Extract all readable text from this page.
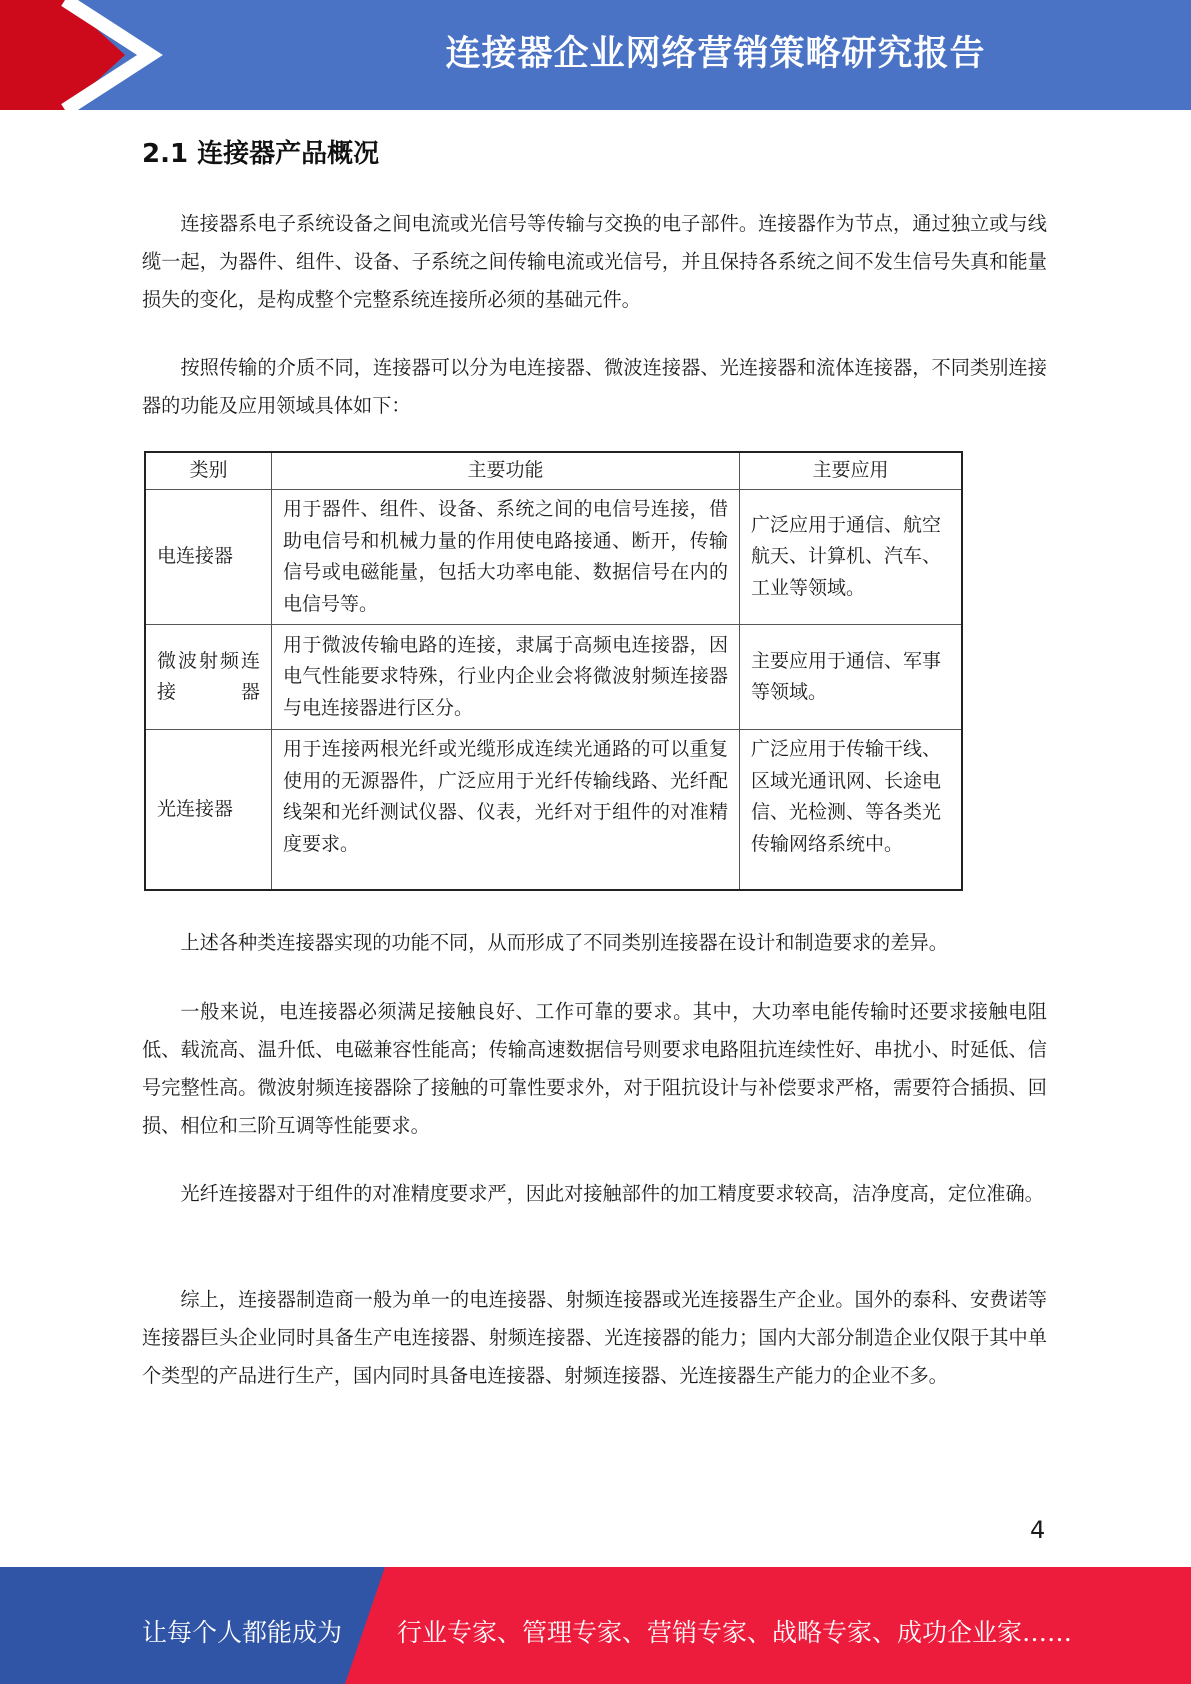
连接器企业网络营销策略研究报告
2.1 连接器产品概况

连接器系电子系统设备之间电流或光信号等传输与交换的电子部件。连接器作为节点，通过独立或与线缆一起，为器件、组件、设备、子系统之间传输电流或光信号，并且保持各系统之间不发生信号失真和能量损失的变化，是构成整个完整系统连接所必须的基础元件。

按照传输的介质不同，连接器可以分为电连接器、微波连接器、光连接器和流体连接器，不同类别连接器的功能及应用领域具体如下：

类别	主要功能	主要应用
电连接器	用于器件、组件、设备、系统之间的电信号连接，借助电信号和机械力量的作用使电路接通、断开，传输信号或电磁能量，包括大功率电能、数据信号在内的电信号等。	广泛应用于通信、航空 航天、计算机、汽车、 工业等领域。
微波射频连接器	用于微波传输电路的连接，隶属于高频电连接器，因电气性能要求特殊，行业内企业会将微波射频连接器与电连接器进行区分。	主要应用于通信、军事 等领域。
光连接器	用于连接两根光纤或光缆形成连续光通路的可以重复使用的无源器件，广泛应用于光纤传输线路、光纤配线架和光纤测试仪器、仪表，光纤对于组件的对准精度要求。	广泛应用于传输干线、区域光通讯网、长途电 信、光检测、等各类光 传输网络系统中。

上述各种类连接器实现的功能不同，从而形成了不同类别连接器在设计和制造要求的差异。

一般来说，电连接器必须满足接触良好、工作可靠的要求。其中，大功率电能传输时还要求接触电阻低、载流高、温升低、电磁兼容性能高；传输高速数据信号则要求电路阻抗连续性好、串扰小、时延低、信号完整性高。微波射频连接器除了接触的可靠性要求外，对于阻抗设计与补偿要求严格，需要符合插损、回损、相位和三阶互调等性能要求。

光纤连接器对于组件的对准精度要求严，因此对接触部件的加工精度要求较高，洁净度高，定位准确。

综上，连接器制造商一般为单一的电连接器、射频连接器或光连接器生产企业。国外的泰科、安费诺等连接器巨头企业同时具备生产电连接器、射频连接器、光连接器的能力；国内大部分制造企业仅限于其中单个类型的产品进行生产，国内同时具备电连接器、射频连接器、光连接器生产能力的企业不多。

4
让每个人都能成为 行业专家、管理专家、营销专家、战略专家、成功企业家……
